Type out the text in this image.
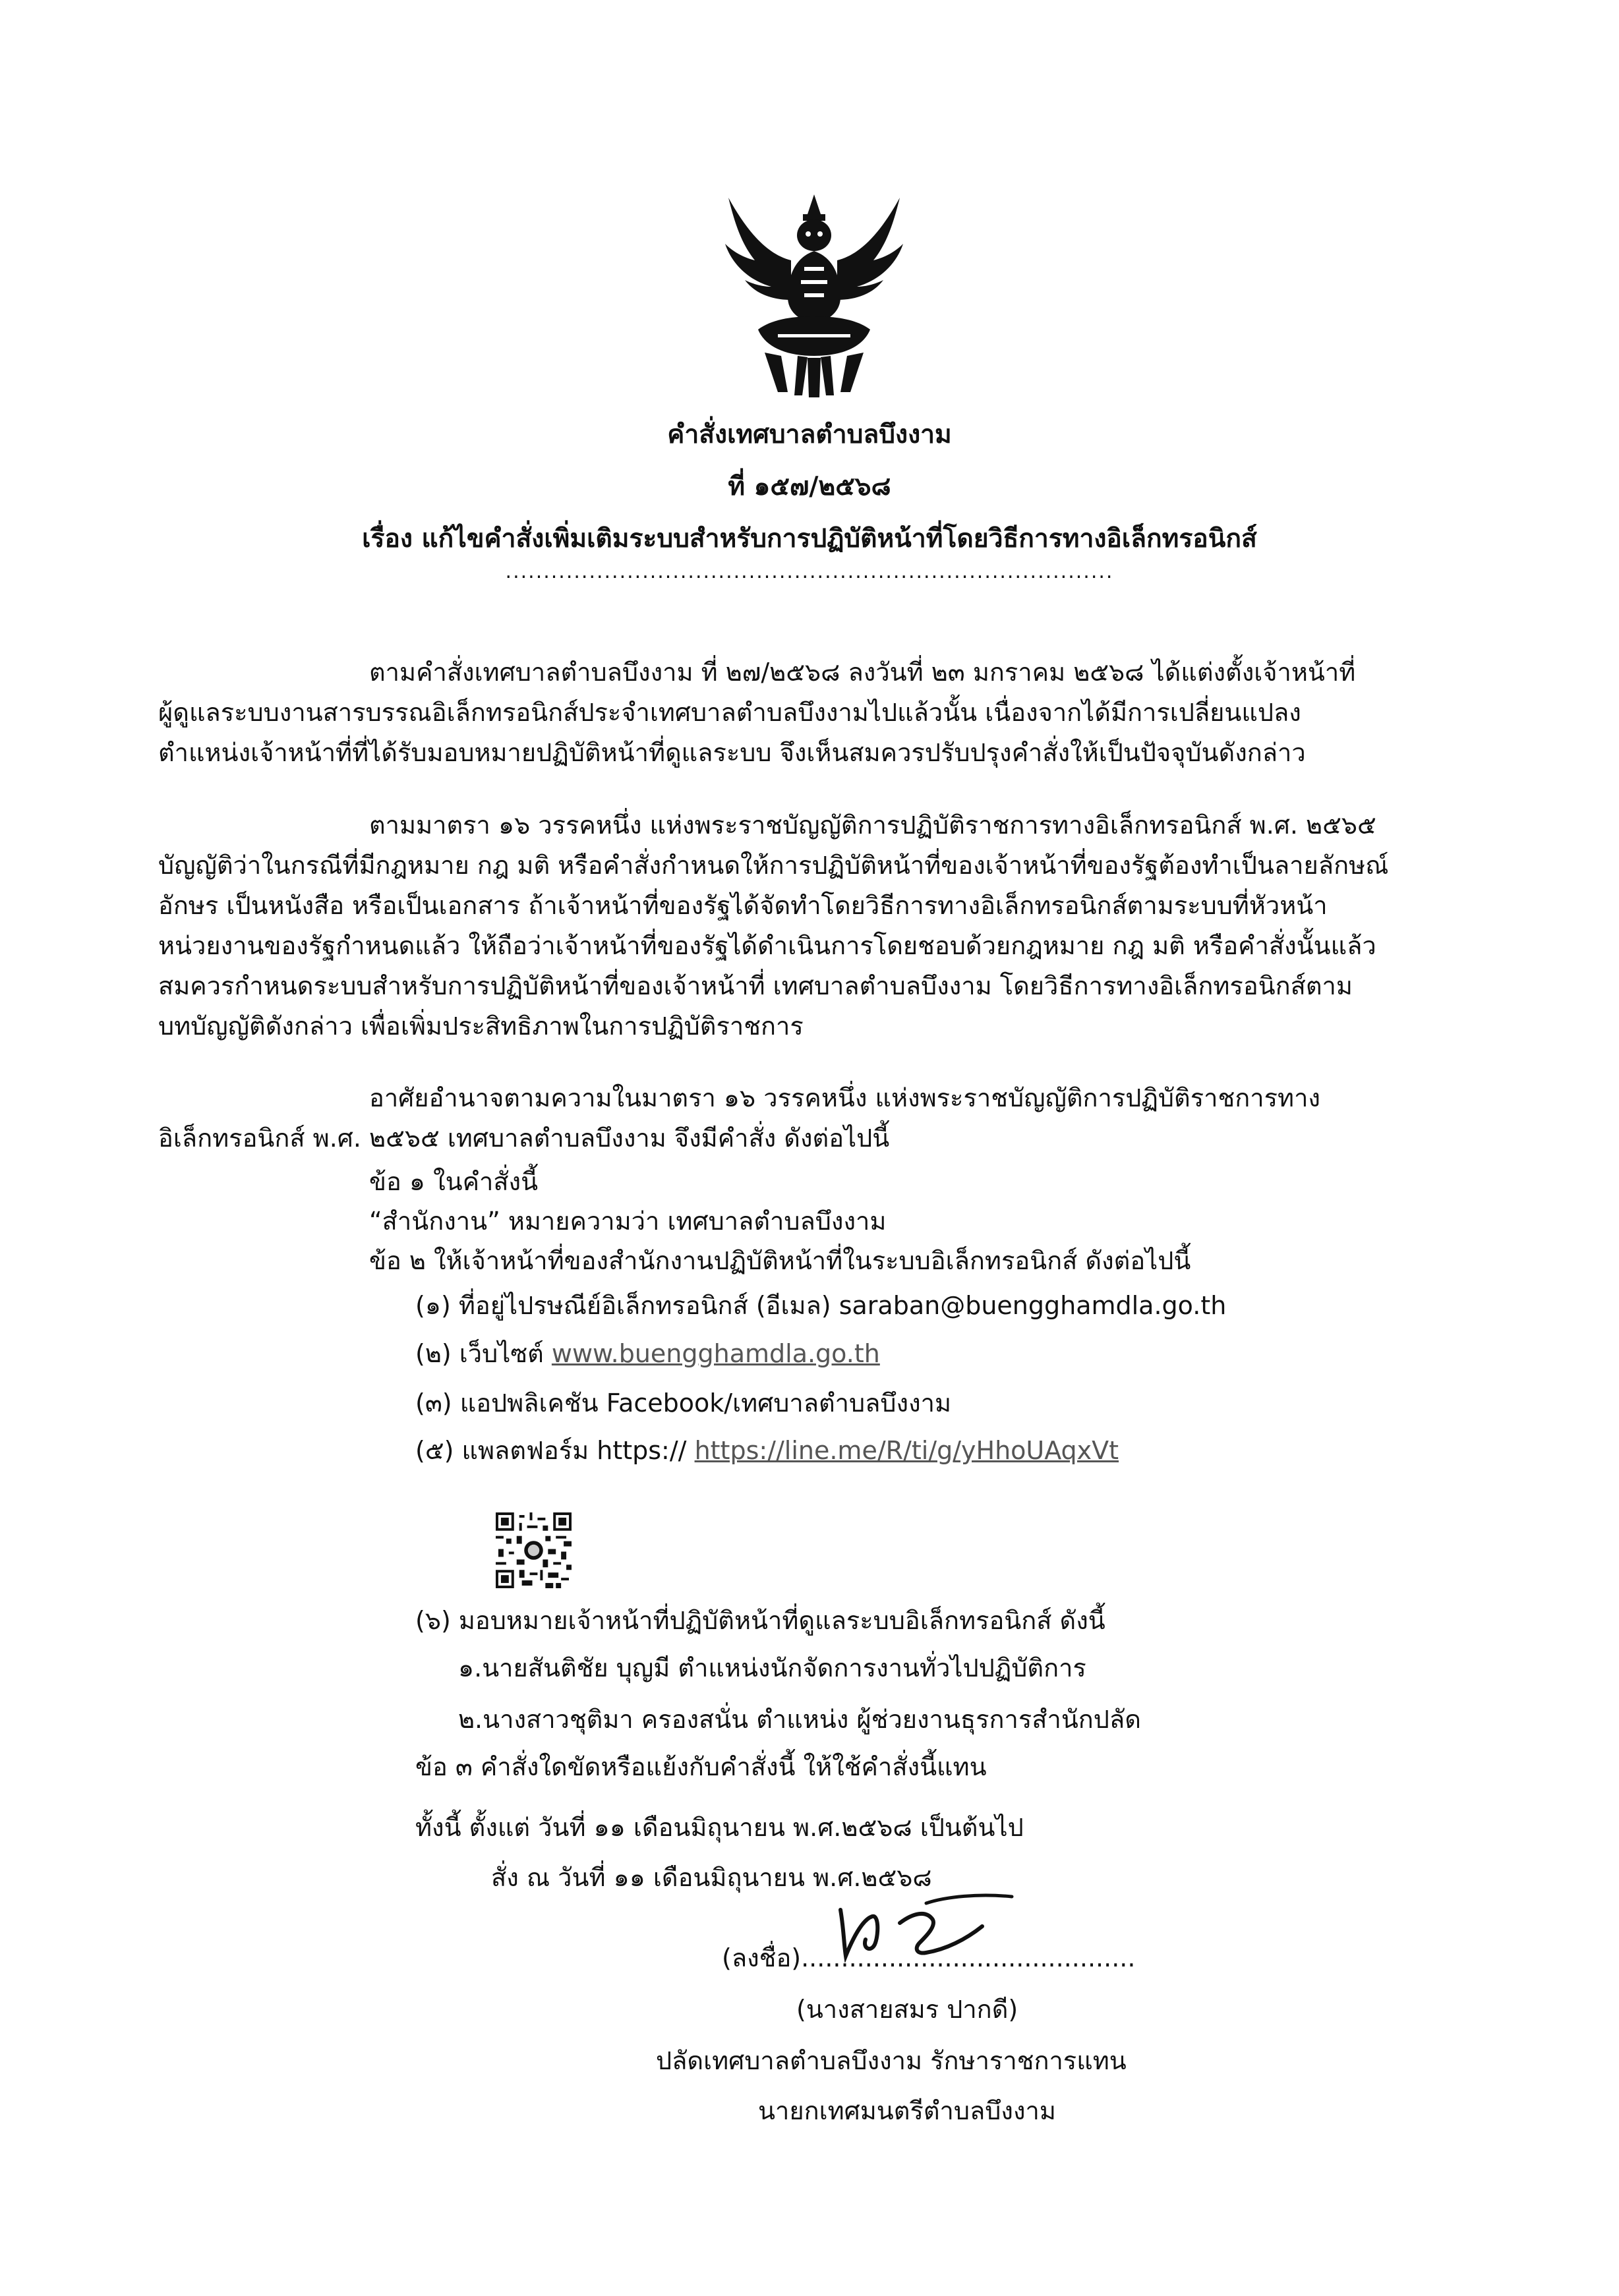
คำสั่งเทศบาลตำบลบึงงาม
ที่ ๑๕๗/๒๕๖๘
เรื่อง แก้ไขคำสั่งเพิ่มเติมระบบสำหรับการปฏิบัติหน้าที่โดยวิธีการทางอิเล็กทรอนิกส์
................................................................................
ตามคำสั่งเทศบาลตำบลบึงงาม ที่ ๒๗/๒๕๖๘ ลงวันที่ ๒๓ มกราคม ๒๕๖๘ ได้แต่งตั้งเจ้าหน้าที่
ผู้ดูแลระบบงานสารบรรณอิเล็กทรอนิกส์ประจำเทศบาลตำบลบึงงามไปแล้วนั้น เนื่องจากได้มีการเปลี่ยนแปลง
ตำแหน่งเจ้าหน้าที่ที่ได้รับมอบหมายปฏิบัติหน้าที่ดูแลระบบ จึงเห็นสมควรปรับปรุงคำสั่งให้เป็นปัจจุบันดังกล่าว
ตามมาตรา ๑๖ วรรคหนึ่ง แห่งพระราชบัญญัติการปฏิบัติราชการทางอิเล็กทรอนิกส์ พ.ศ. ๒๕๖๕
บัญญัติว่าในกรณีที่มีกฎหมาย กฎ มติ หรือคำสั่งกำหนดให้การปฏิบัติหน้าที่ของเจ้าหน้าที่ของรัฐต้องทำเป็นลายลักษณ์
อักษร เป็นหนังสือ หรือเป็นเอกสาร ถ้าเจ้าหน้าที่ของรัฐได้จัดทำโดยวิธีการทางอิเล็กทรอนิกส์ตามระบบที่หัวหน้า
หน่วยงานของรัฐกำหนดแล้ว ให้ถือว่าเจ้าหน้าที่ของรัฐได้ดำเนินการโดยชอบด้วยกฎหมาย กฎ มติ หรือคำสั่งนั้นแล้ว
สมควรกำหนดระบบสำหรับการปฏิบัติหน้าที่ของเจ้าหน้าที่ เทศบาลตำบลบึงงาม โดยวิธีการทางอิเล็กทรอนิกส์ตาม
บทบัญญัติดังกล่าว เพื่อเพิ่มประสิทธิภาพในการปฏิบัติราชการ
อาศัยอำนาจตามความในมาตรา ๑๖ วรรคหนึ่ง แห่งพระราชบัญญัติการปฏิบัติราชการทาง
อิเล็กทรอนิกส์ พ.ศ. ๒๕๖๕ เทศบาลตำบลบึงงาม จึงมีคำสั่ง ดังต่อไปนี้
ข้อ ๑ ในคำสั่งนี้
“สำนักงาน” หมายความว่า เทศบาลตำบลบึงงาม
ข้อ ๒ ให้เจ้าหน้าที่ของสำนักงานปฏิบัติหน้าที่ในระบบอิเล็กทรอนิกส์ ดังต่อไปนี้
(๑) ที่อยู่ไปรษณีย์อิเล็กทรอนิกส์ (อีเมล) saraban@buengghamdla.go.th
(๒) เว็บไซต์ www.buengghamdla.go.th
(๓) แอปพลิเคชัน Facebook/เทศบาลตำบลบึงงาม
(๕) แพลตฟอร์ม https:// https://line.me/R/ti/g/yHhoUAqxVt
(๖) มอบหมายเจ้าหน้าที่ปฏิบัติหน้าที่ดูแลระบบอิเล็กทรอนิกส์ ดังนี้
๑.นายสันติชัย บุญมี ตำแหน่งนักจัดการงานทั่วไปปฏิบัติการ
๒.นางสาวชุติมา ครองสนั่น ตำแหน่ง ผู้ช่วยงานธุรการสำนักปลัด
ข้อ ๓ คำสั่งใดขัดหรือแย้งกับคำสั่งนี้ ให้ใช้คำสั่งนี้แทน
ทั้งนี้ ตั้งแต่ วันที่ ๑๑ เดือนมิถุนายน พ.ศ.๒๕๖๘ เป็นต้นไป
สั่ง ณ วันที่ ๑๑ เดือนมิถุนายน พ.ศ.๒๕๖๘
(ลงชื่อ)..........................................
(นางสายสมร ปากดี)
ปลัดเทศบาลตำบลบึงงาม รักษาราชการแทน
นายกเทศมนตรีตำบลบึงงาม
